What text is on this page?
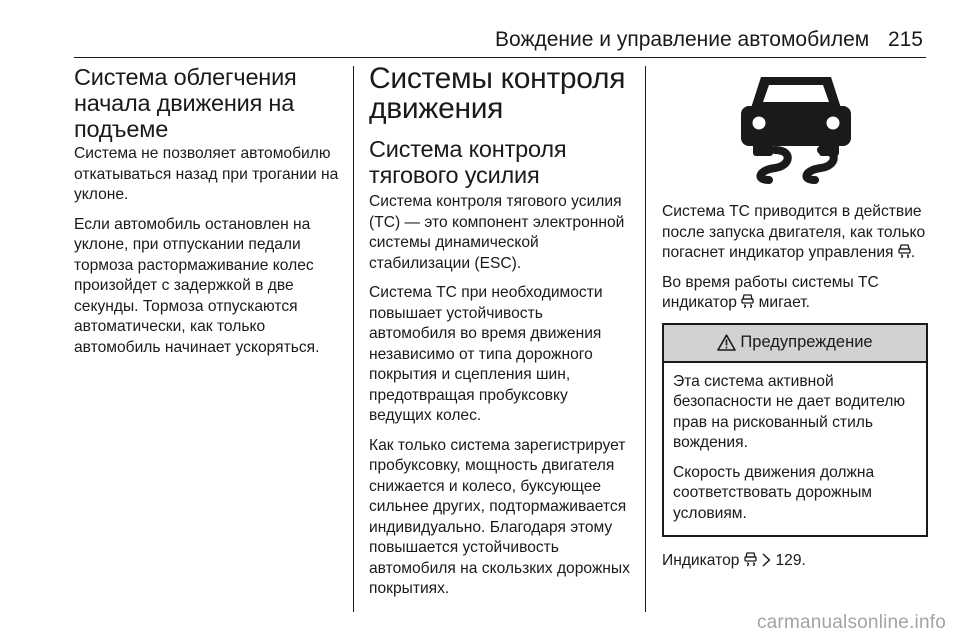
Вождение и управление автомобилем 215
Система облегчения начала движения на подъеме

Система не позволяет автомобилю откатываться назад при трогании на уклоне.

Если автомобиль остановлен на уклоне, при отпускании педали тормоза растормаживание колес произойдет с задержкой в две секунды. Тормоза отпускаются автоматически, как только автомобиль начинает ускоряться.

Системы контроля движения
Система контроля тягового усилия

Система контроля тягового усилия (TC) — это компонент электронной системы динамической стабилизации (ESC).

Система TC при необходимости повышает устойчивость автомобиля во время движения независимо от типа дорожного покрытия и сцепления шин, предотвращая пробуксовку ведущих колес.

Как только система зарегистрирует пробуксовку, мощность двигателя снижается и колесо, буксующее сильнее других, подтормаживается индивидуально. Благодаря этому повышается устойчивость автомобиля на скользких дорожных покрытиях.

Система TC приводится в действие после запуска двигателя, как только погаснет индикатор управления .

Во время работы системы TC индикатор мигает.

Предупреждение

Эта система активной безопасности не дает водителю прав на рискованный стиль вождения.

Скорость движения должна соответствовать дорожным условиям.

Индикатор 129.

carmanualsonline.info
